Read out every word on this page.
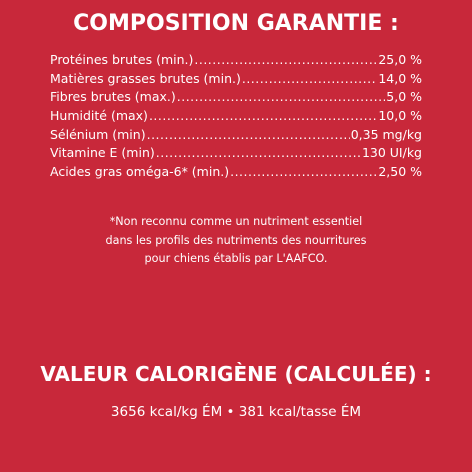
COMPOSITION GARANTIE :
Protéines brutes (min.) .....	25,0 %
Matières grasses brutes (min.) .....	14,0 %
Fibres brutes (max.) .....	5,0 %
Humidité (max) .....	10,0 %
Sélénium (min) .....	0,35 mg/kg
Vitamine E (min) .....	130 UI/kg
Acides gras oméga-6* (min.) .....	2,50 %
*Non reconnu comme un nutriment essentiel
dans les profils des nutriments des nourritures
pour chiens établis par L'AAFCO.
VALEUR CALORIGÈNE (CALCULÉE) :
3656 kcal/kg ÉM • 381 kcal/tasse ÉM
